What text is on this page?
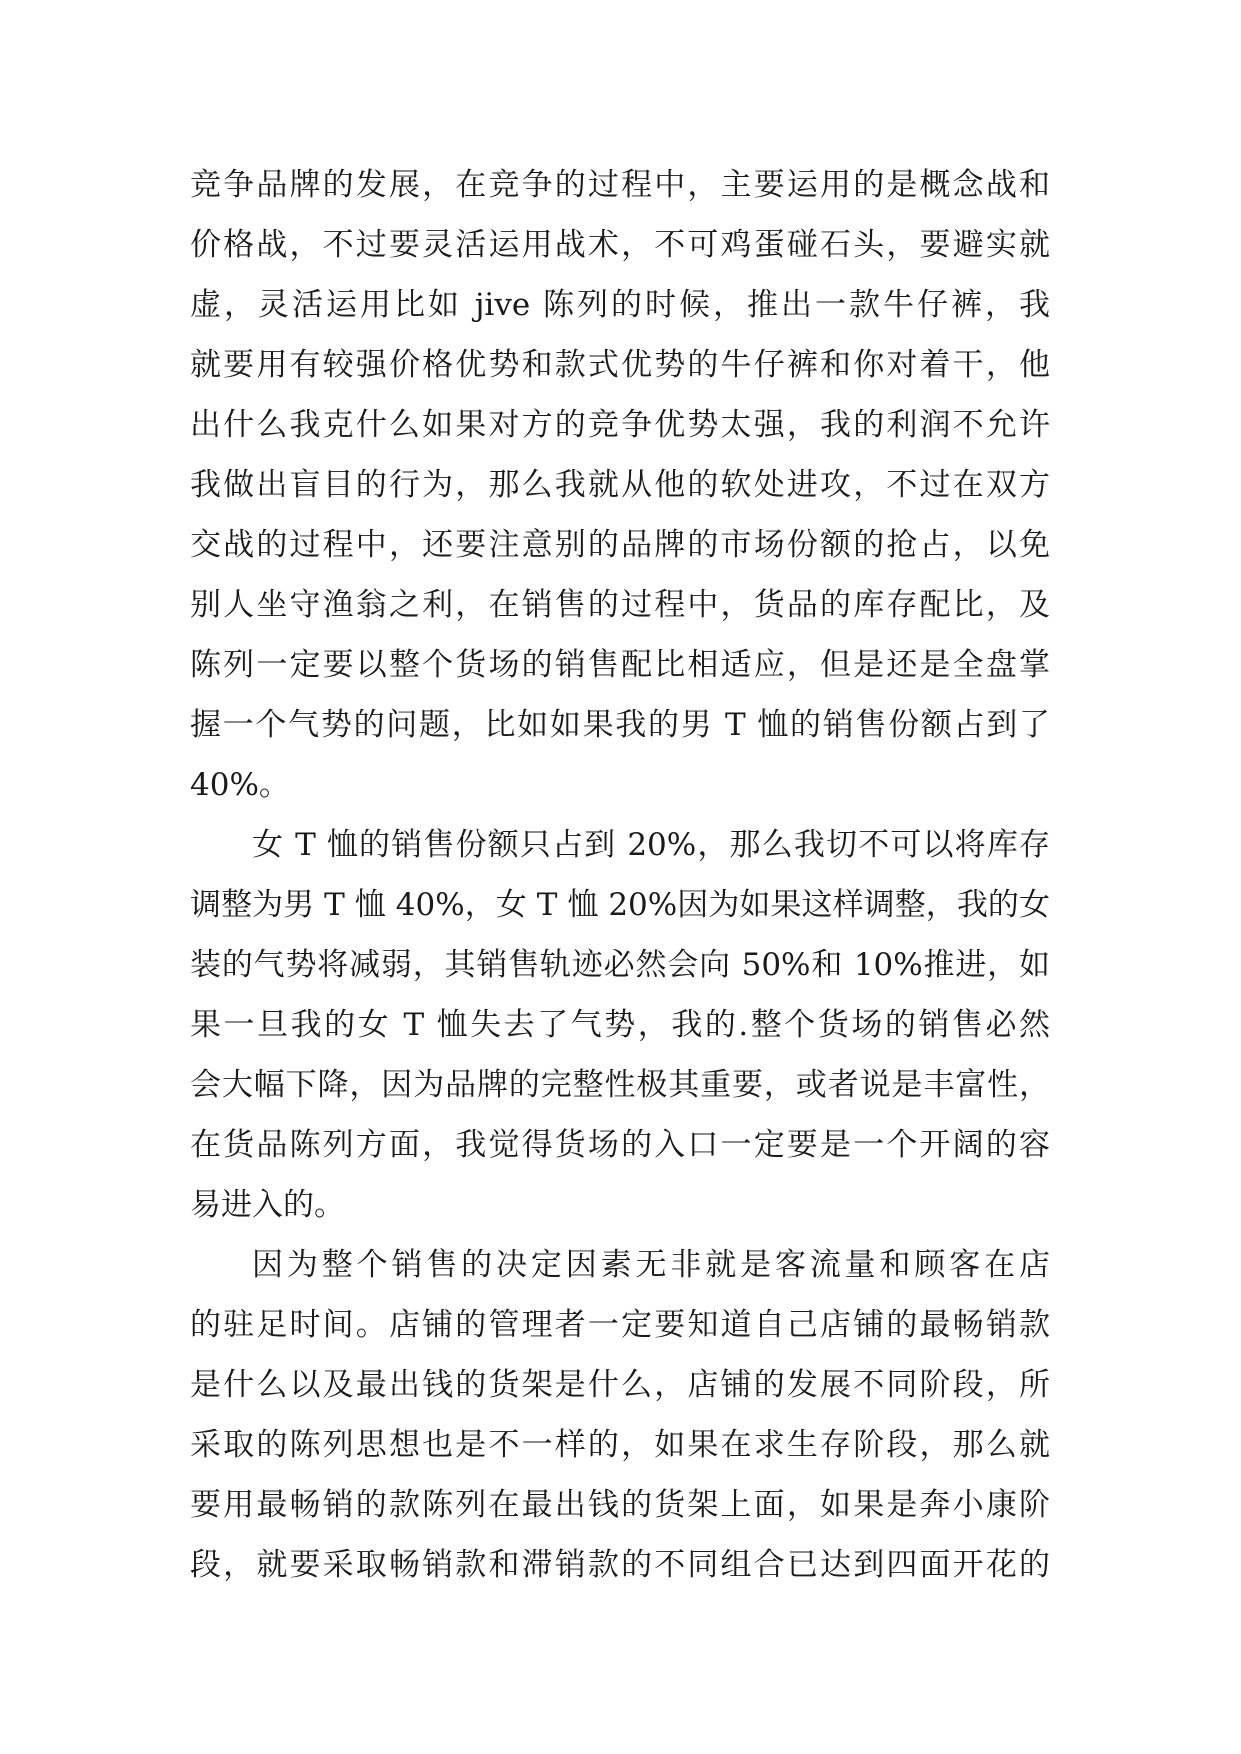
竞争品牌的发展，在竞争的过程中，主要运用的是概念战和
价格战，不过要灵活运用战术，不可鸡蛋碰石头，要避实就
虚，灵活运用比如 jive 陈列的时候，推出一款牛仔裤，我
就要用有较强价格优势和款式优势的牛仔裤和你对着干，他
出什么我克什么如果对方的竞争优势太强，我的利润不允许
我做出盲目的行为，那么我就从他的软处进攻，不过在双方
交战的过程中，还要注意别的品牌的市场份额的抢占，以免
别人坐守渔翁之利，在销售的过程中，货品的库存配比，及
陈列一定要以整个货场的销售配比相适应，但是还是全盘掌
握一个气势的问题，比如如果我的男 T 恤的销售份额占到了
40%。
女 T 恤的销售份额只占到 20%，那么我切不可以将库存
调整为男 T 恤 40%，女 T 恤 20%因为如果这样调整，我的女
装的气势将减弱，其销售轨迹必然会向 50%和 10%推进，如
果一旦我的女 T 恤失去了气势，我的.整个货场的销售必然
会大幅下降，因为品牌的完整性极其重要，或者说是丰富性，
在货品陈列方面，我觉得货场的入口一定要是一个开阔的容
易进入的。
因为整个销售的决定因素无非就是客流量和顾客在店
的驻足时间。店铺的管理者一定要知道自己店铺的最畅销款
是什么以及最出钱的货架是什么，店铺的发展不同阶段，所
采取的陈列思想也是不一样的，如果在求生存阶段，那么就
要用最畅销的款陈列在最出钱的货架上面，如果是奔小康阶
段，就要采取畅销款和滞销款的不同组合已达到四面开花的
